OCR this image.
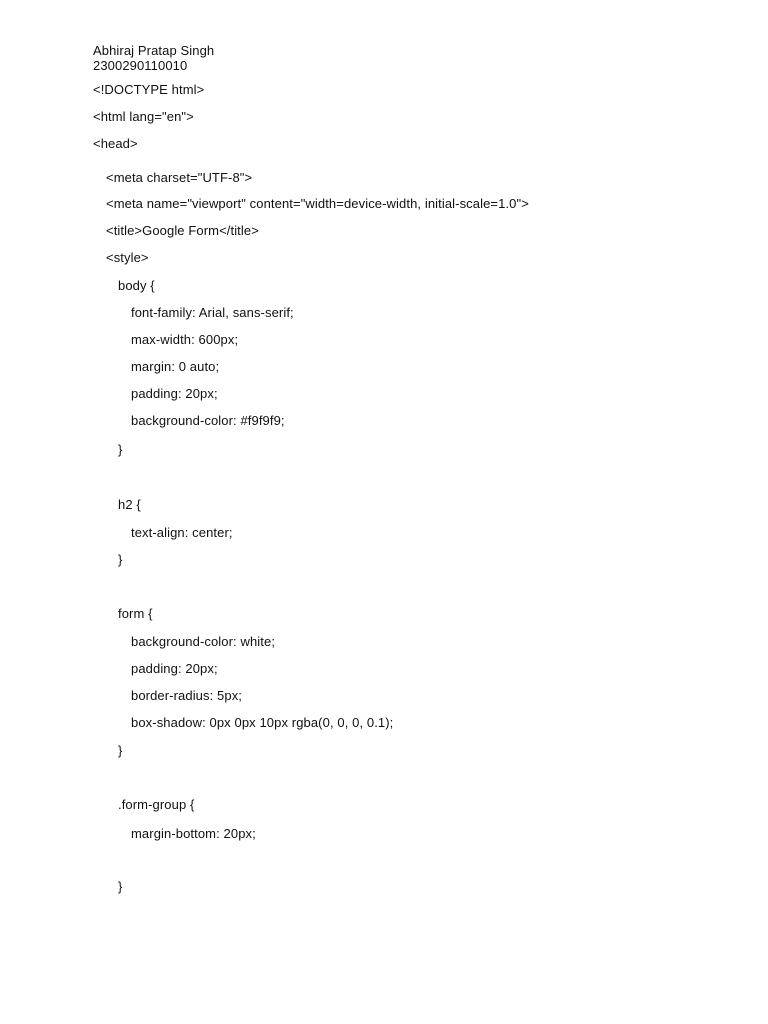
Abhiraj Pratap Singh
2300290110010
<!DOCTYPE html>
<html lang="en">
<head>
<meta charset="UTF-8">
<meta name="viewport" content="width=device-width, initial-scale=1.0">
<title>Google Form</title>
<style>
body {
font-family: Arial, sans-serif;
max-width: 600px;
margin: 0 auto;
padding: 20px;
background-color: #f9f9f9;
}
h2 {
text-align: center;
}
form {
background-color: white;
padding: 20px;
border-radius: 5px;
box-shadow: 0px 0px 10px rgba(0, 0, 0, 0.1);
}
.form-group {
margin-bottom: 20px;
}
